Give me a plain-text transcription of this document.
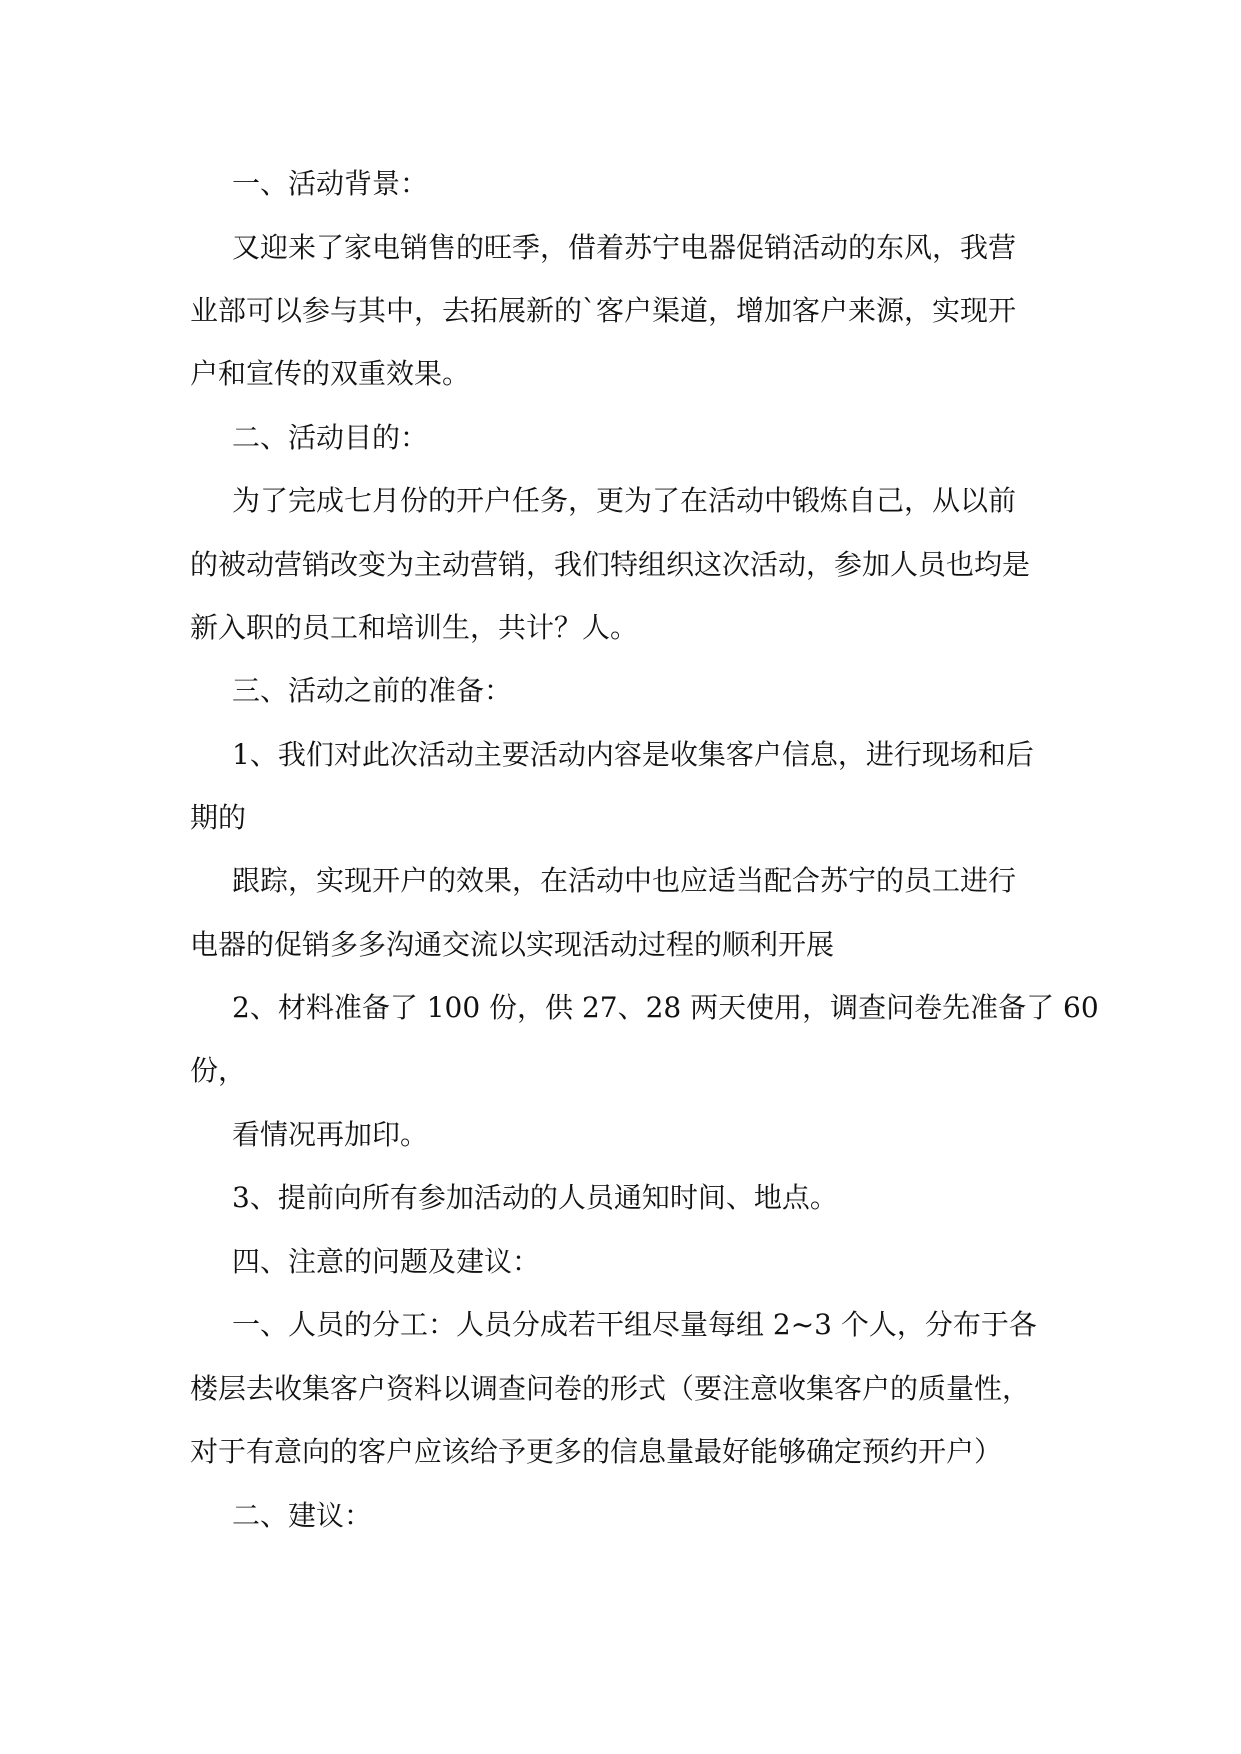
一、活动背景：

又迎来了家电销售的旺季，借着苏宁电器促销活动的东风，我营

业部可以参与其中，去拓展新的`客户渠道，增加客户来源，实现开

户和宣传的双重效果。

二、活动目的：

为了完成七月份的开户任务，更为了在活动中锻炼自己，从以前

的被动营销改变为主动营销，我们特组织这次活动，参加人员也均是

新入职的员工和培训生，共计？人。

三、活动之前的准备：

1、我们对此次活动主要活动内容是收集客户信息，进行现场和后

期的

跟踪，实现开户的效果，在活动中也应适当配合苏宁的员工进行

电器的促销多多沟通交流以实现活动过程的顺利开展

2、材料准备了 100 份，供 27、28 两天使用，调查问卷先准备了 60

份，

看情况再加印。

3、提前向所有参加活动的人员通知时间、地点。

四、注意的问题及建议：

一、人员的分工：人员分成若干组尽量每组 2~3 个人，分布于各

楼层去收集客户资料以调查问卷的形式（要注意收集客户的质量性，

对于有意向的客户应该给予更多的信息量最好能够确定预约开户）

二、建议：
